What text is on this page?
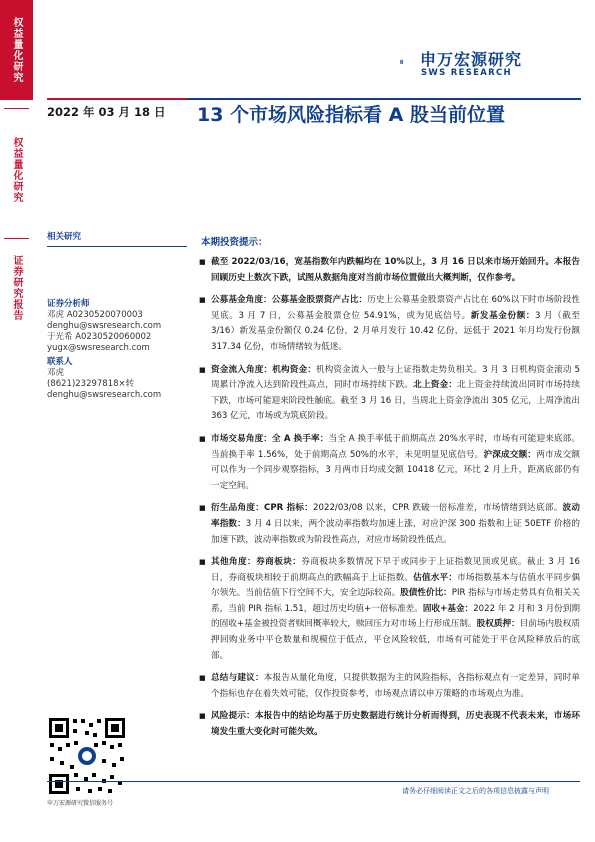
权益量化研究
权益量化研究
证券研究报告
申万宏源研究
SWS RESEARCH
2022 年 03 月 18 日 13 个市场风险指标看 A 股当前位置
相关研究
证券分析师
邓虎 A0230520070003
denghu@swsresearch.com
于光希 A0230520060002
yugx@swsresearch.com
联系人
邓虎
(8621)23297818×转
denghu@swsresearch.com
本期投资提示：
■ 截至 2022/03/16，宽基指数年内跌幅均在 10%以上，3 月 16 日以来市场开始回升。本报告回顾历史上数次下跌，试图从数据角度对当前市场位置做出大概判断，仅作参考。
■ 公募基金角度：公募基金股票资产占比：历史上公募基金股票资产占比在 60%以下时市场阶段性见底。3 月 7 日，公募基金股票仓位 54.91%，或为见底信号。新发基金份额：3 月（截至 3/16）新发基金份额仅 0.24 亿份，2 月单月发行 10.42 亿份，远低于 2021 年月均发行份额 317.34 亿份，市场情绪较为低迷。
■ 资金流入角度：机构资金：机构资金流入一般与上证指数走势负相关。3 月 3 日机构资金滚动 5 周累计净流入达到阶段性高点，同时市场持续下跌。北上资金：北上资金持续流出同时市场持续下跌，市场可能迎来阶段性触底。截至 3 月 16 日，当周北上资金净流出 305 亿元，上周净流出 363 亿元，市场或为筑底阶段。
■ 市场交易角度：全 A 换手率：当全 A 换手率低于前期高点 20%水平时，市场有可能迎来底部。当前换手率 1.56%，处于前期高点 50%的水平，未见明显见底信号。沪深成交额：两市成交额可以作为一个同步观察指标，3 月两市日均成交额 10418 亿元，环比 2 月上升，距离底部仍有一定空间。
■ 衍生品角度：CPR 指标：2022/03/08 以来，CPR 跌破一倍标准差，市场情绪到达底部。波动率指数：3 月 4 日以来，两个波动率指数均加速上涨，对应沪深 300 指数和上证 50ETF 价格的加速下跌，波动率指数或为阶段性高点，对应市场阶段性低点。
■ 其他角度：券商板块：券商板块多数情况下早于或同步于上证指数见顶或见底。截止 3 月 16 日，券商板块相较于前期高点的跌幅高于上证指数。估值水平：市场指数基本与估值水平同步偶尔领先。当前估值下行空间不大，安全边际较高。股债性价比：PIR 指标与市场走势具有负相关关系，当前 PIR 指标 1.51，超过历史均值+一倍标准差。固收+基金：2022 年 2 月和 3 月份到期的固收+基金被投资者赎回概率较大，赎回压力对市场上行形成压制。股权质押：目前场内股权质押回购业务中平仓数量和规模位于低点，平仓风险较低，市场有可能处于平仓风险释放后的底部。
■ 总结与建议：本报告从量化角度，只提供数据为主的风险指标，各指标观点有一定差异，同时单个指标也存在着失效可能，仅作投资参考，市场观点请以申万策略的市场观点为准。
■ 风险提示：本报告中的结论均基于历史数据进行统计分析而得到，历史表现不代表未来，市场环境发生重大变化时可能失效。
申万宏源研究微信服务号
请务必仔细阅读正文之后的各项信息披露与声明
